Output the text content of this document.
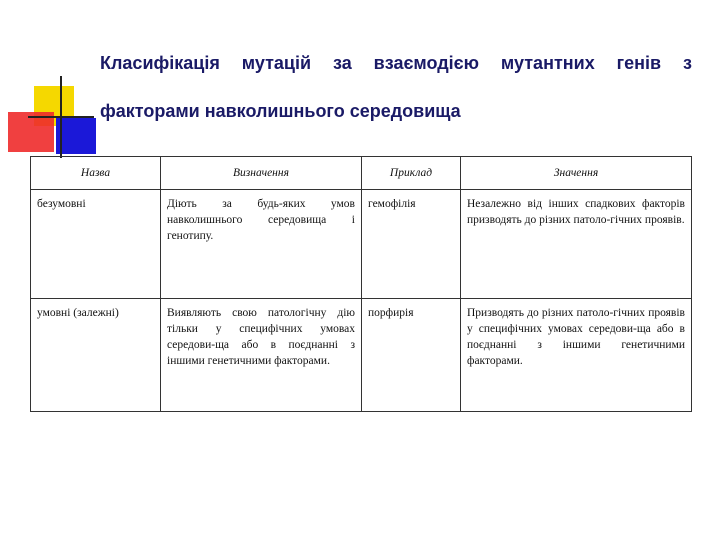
Класифікація мутацій за взаємодією мутантних генів з
факторами навколишнього середовища
Назва	Визначення	Приклад	Значення
безумовні	Діють за будь-яких умов навколишнього середовища і генотипу.	гемофілія	Незалежно від інших спадкових факторів призводять до різних патоло-гічних проявів.
умовні (залежні)	Виявляють свою патологічну дію тільки у специфічних умовах середови-ща або в поєднанні з іншими генетичними факторами.	порфирія	Призводять до різних патоло-гічних проявів у специфічних умовах середови-ща або в поєднанні з іншими генетичними факторами.
